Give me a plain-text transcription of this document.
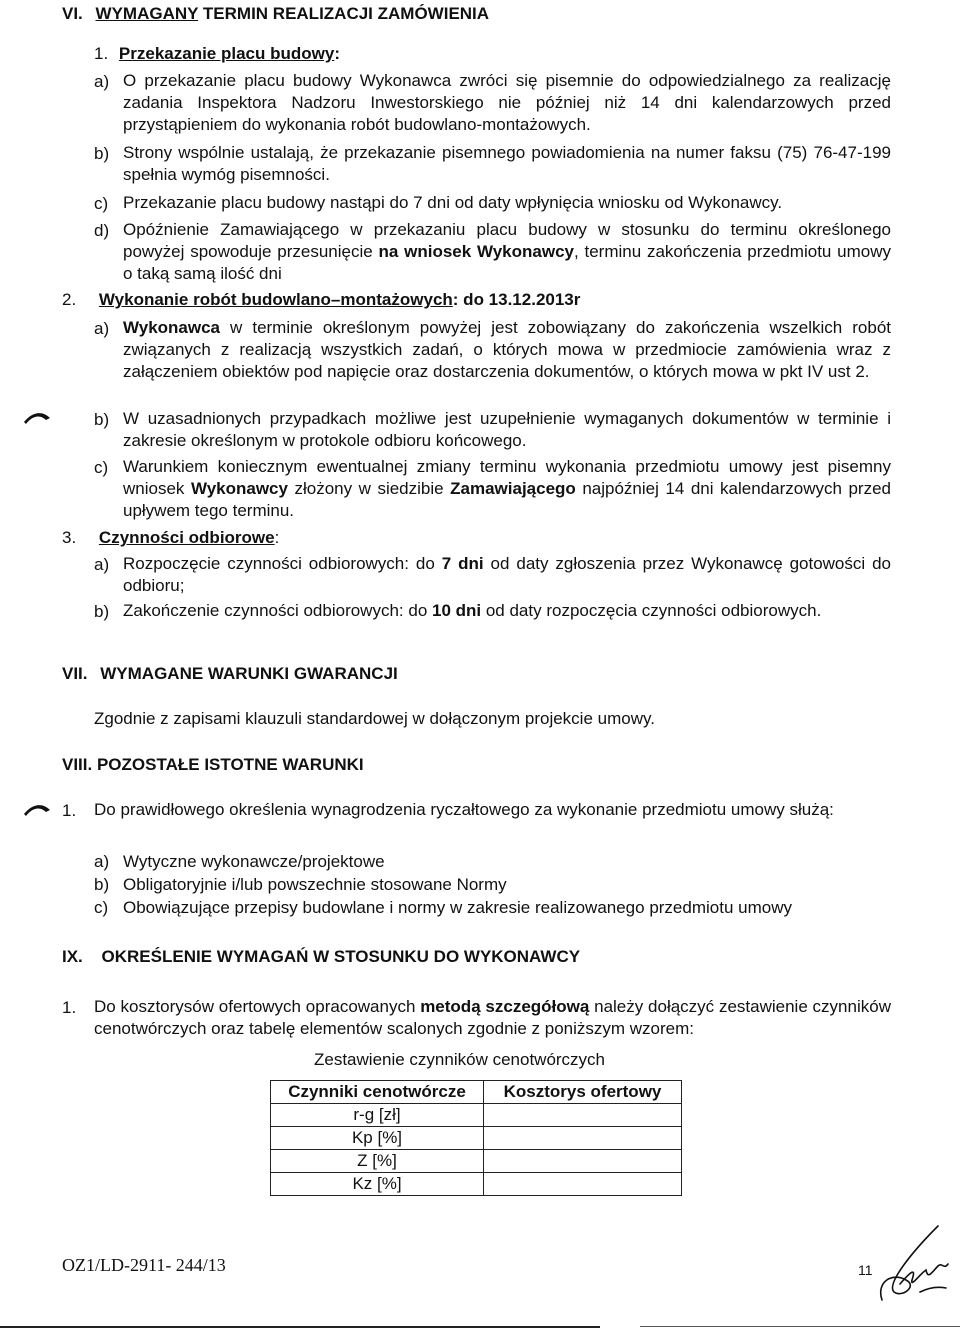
VI. WYMAGANY TERMIN REALIZACJI ZAMÓWIENIA
1. Przekazanie placu budowy:
a) O przekazanie placu budowy Wykonawca zwróci się pisemnie do odpowiedzialnego za realizację zadania Inspektora Nadzoru Inwestorskiego nie później niż 14 dni kalendarzowych przed przystąpieniem do wykonania robót budowlano-montażowych.
b) Strony wspólnie ustalają, że przekazanie pisemnego powiadomienia na numer faksu (75) 76-47-199 spełnia wymóg pisemności.
c) Przekazanie placu budowy nastąpi do 7 dni od daty wpłynięcia wniosku od Wykonawcy.
d) Opóźnienie Zamawiającego w przekazaniu placu budowy w stosunku do terminu określonego powyżej spowoduje przesunięcie na wniosek Wykonawcy, terminu zakończenia przedmiotu umowy o taką samą ilość dni
2. Wykonanie robót budowlano–montażowych: do 13.12.2013r
a) Wykonawca w terminie określonym powyżej jest zobowiązany do zakończenia wszelkich robót związanych z realizacją wszystkich zadań, o których mowa w przedmiocie zamówienia wraz z załączeniem obiektów pod napięcie oraz dostarczenia dokumentów, o których mowa w pkt IV ust 2.
b) W uzasadnionych przypadkach możliwe jest uzupełnienie wymaganych dokumentów w terminie i zakresie określonym w protokole odbioru końcowego.
c) Warunkiem koniecznym ewentualnej zmiany terminu wykonania przedmiotu umowy jest pisemny wniosek Wykonawcy złożony w siedzibie Zamawiającego najpóźniej 14 dni kalendarzowych przed upływem tego terminu.
3. Czynności odbiorowe:
a) Rozpoczęcie czynności odbiorowych: do 7 dni od daty zgłoszenia przez Wykonawcę gotowości do odbioru;
b) Zakończenie czynności odbiorowych: do 10 dni od daty rozpoczęcia czynności odbiorowych.
VII. WYMAGANE WARUNKI GWARANCJI
Zgodnie z zapisami klauzuli standardowej w dołączonym projekcie umowy.
VIII. POZOSTAŁE ISTOTNE WARUNKI
1. Do prawidłowego określenia wynagrodzenia ryczałtowego za wykonanie przedmiotu umowy służą:
a) Wytyczne wykonawcze/projektowe
b) Obligatoryjnie i/lub powszechnie stosowane Normy
c) Obowiązujące przepisy budowlane i normy w zakresie realizowanego przedmiotu umowy
IX. OKREŚLENIE WYMAGAŃ W STOSUNKU DO WYKONAWCY
1. Do kosztorysów ofertowych opracowanych metodą szczegółową należy dołączyć zestawienie czynników cenotwórczych oraz tabelę elementów scalonych zgodnie z poniższym wzorem:
Zestawienie czynników cenotwórczych
Czynniki cenotwórcze	Kosztorys ofertowy
r-g [zł]	
Kp [%]	
Z [%]	
Kz [%]	
OZ1/LD-2911- 244/13	11
